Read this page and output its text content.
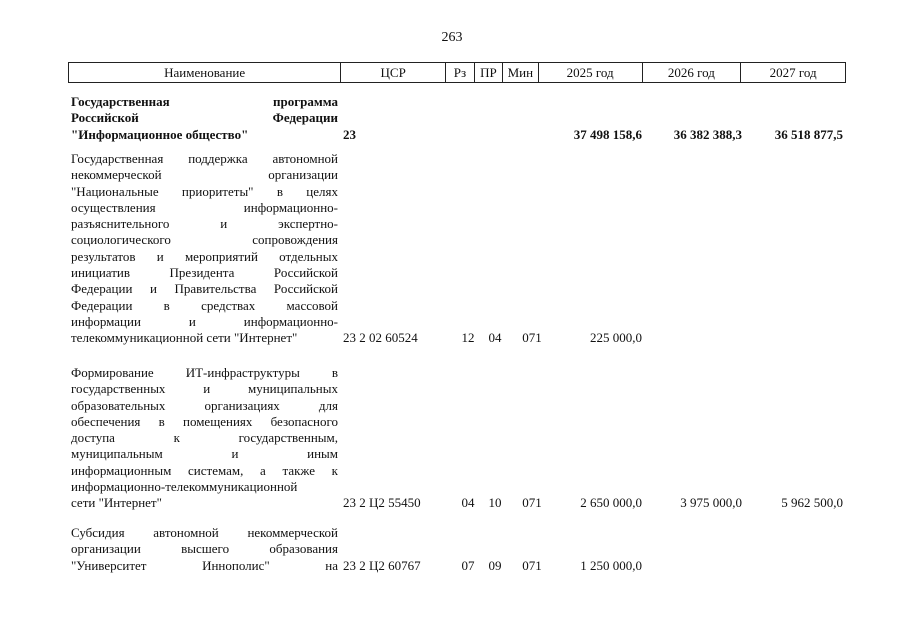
263
Наименование	ЦСР	Рз	ПР Мин	2025 год	2026 год	2027 год
Государственная программа
Российской Федерации
"Информационное общество"	23	37 498 158,6 36 382 388,3	36 518 877,5
Государственная поддержка автономной
некоммерческой организации
"Национальные приоритеты" в целях
осуществления информационно-
разъяснительного и экспертно-
социологического сопровождения
результатов и мероприятий отдельных
инициатив Президента Российской
Федерации и Правительства Российской
Федерации в средствах массовой
информации и информационно-
телекоммуникационной сети "Интернет"	23 2 02 60524	12 04 071	225 000,0
Формирование ИТ-инфраструктуры в
государственных и муниципальных
образовательных организациях для
обеспечения в помещениях безопасного
доступа к государственным,
муниципальным и иным
информационным системам, а также к
информационно-телекоммуникационной
сети "Интернет"	23 2 Ц2 55450	04 10 071	2 650 000,0	3 975 000,0	5 962 500,0
Субсидия автономной некоммерческой
организации высшего образования
"Университет Иннополис" на 23 2 Ц2 60767	07 09 071	1 250 000,0
